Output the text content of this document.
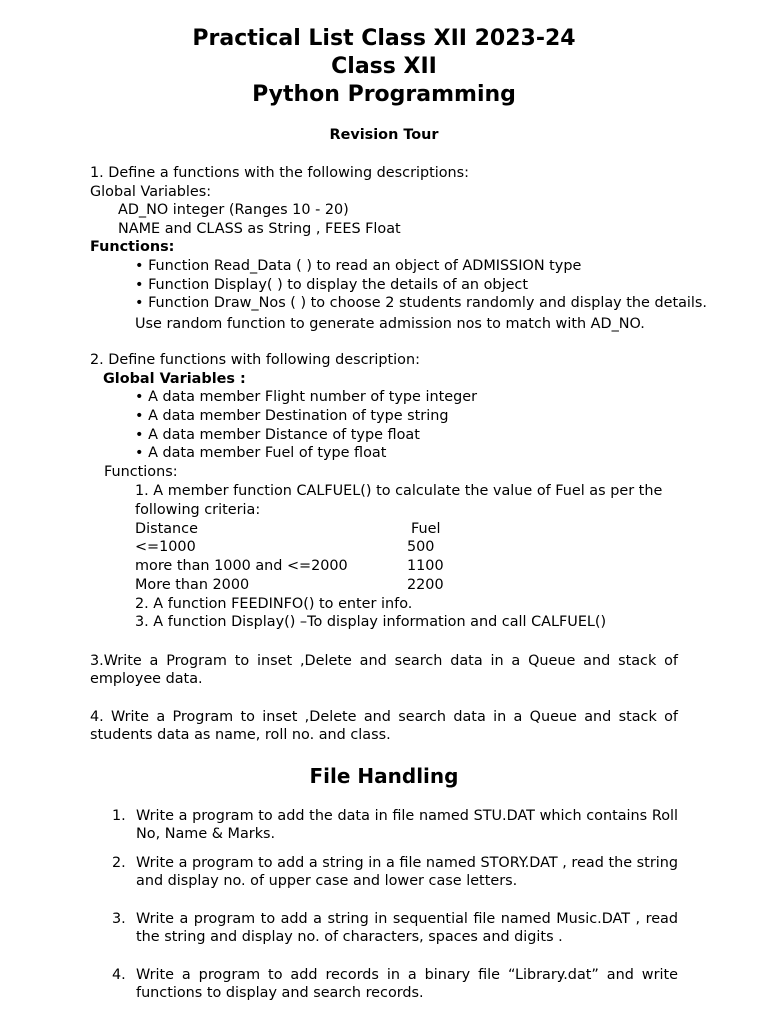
Practical List Class XII 2023-24
Class XII
Python Programming
Revision Tour
1. Define a functions with the following descriptions:
Global Variables:
AD_NO integer (Ranges 10 - 20)
NAME and CLASS as String , FEES Float
Functions:
• Function Read_Data ( ) to read an object of ADMISSION type
• Function Display( ) to display the details of an object
• Function Draw_Nos ( ) to choose 2 students randomly and display the details.
Use random function to generate admission nos to match with AD_NO.
2. Define functions with following description:
Global Variables :
• A data member Flight number of type integer
• A data member Destination of type string
• A data member Distance of type float
• A data member Fuel of type float
Functions:
1. A member function CALFUEL() to calculate the value of Fuel as per the
following criteria:
Distance	Fuel
<=1000	500
more than 1000 and <=2000	1100
More than 2000	2200
2. A function FEEDINFO() to enter info.
3. A function Display() –To display information and call CALFUEL()
3.Write a Program to inset ,Delete and search data in a Queue and stack of employee data.
4. Write a Program to inset ,Delete and search data in a Queue and stack of students data as name, roll no. and class.
File Handling
1. Write a program to add the data in file named STU.DAT which contains Roll No, Name & Marks.
2. Write a program to add a string in a file named STORY.DAT , read the string and display no. of upper case and lower case letters.
3. Write a program to add a string in sequential file named Music.DAT , read the string and display no. of characters, spaces and digits .
4. Write a program to add records in a binary file “Library.dat” and write functions to display and search records.
